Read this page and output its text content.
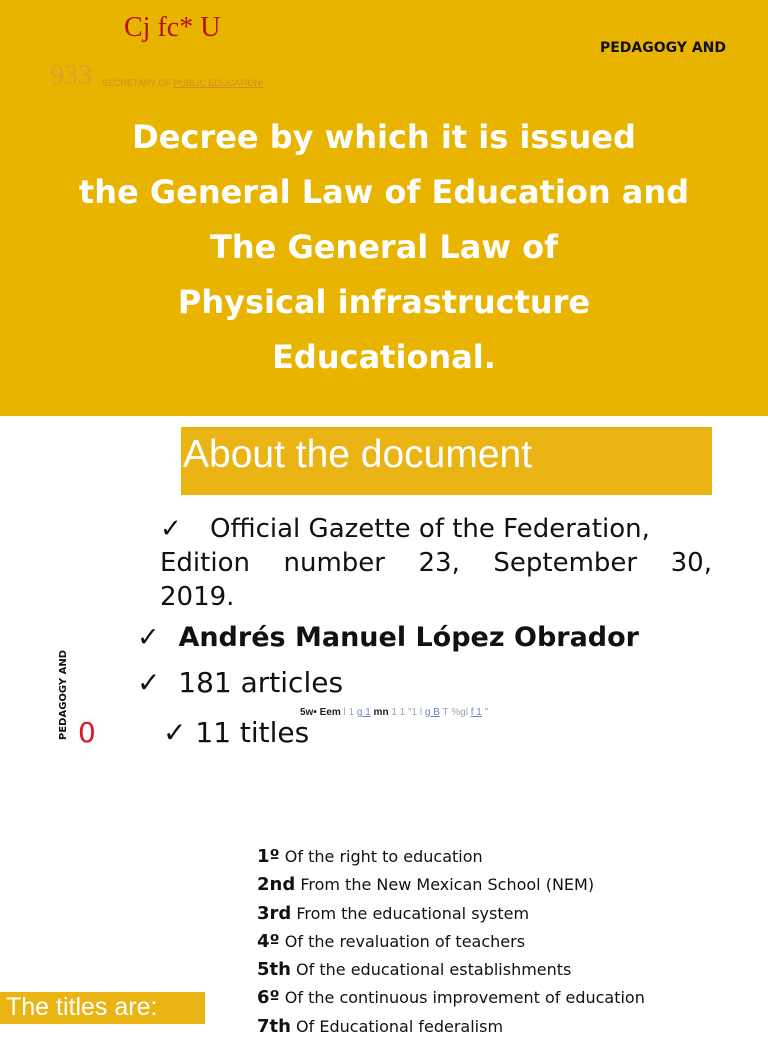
Cj fc* U
933 SECRETARY OF PUBLIC EDUCATION!
PEDAGOGY AND
Decree by which it is issued
the General Law of Education and
The General Law of
Physical infrastructure
Educational.
About the document
✓ Official Gazette of the Federation,
Edition number 23, September 30,
2019.
✓ Andrés Manuel López Obrador
✓ 181 articles
5w• Eem l 1 g 1 mn 1 1 "1 l g B T %gl f 1 "
PEDAGOGY AND 0 ✓ 11 titles
1º Of the right to education
2nd From the New Mexican School (NEM)
3rd From the educational system
4º Of the revaluation of teachers
5th Of the educational establishments
6º Of the continuous improvement of education
7th Of Educational federalism
The titles are:
